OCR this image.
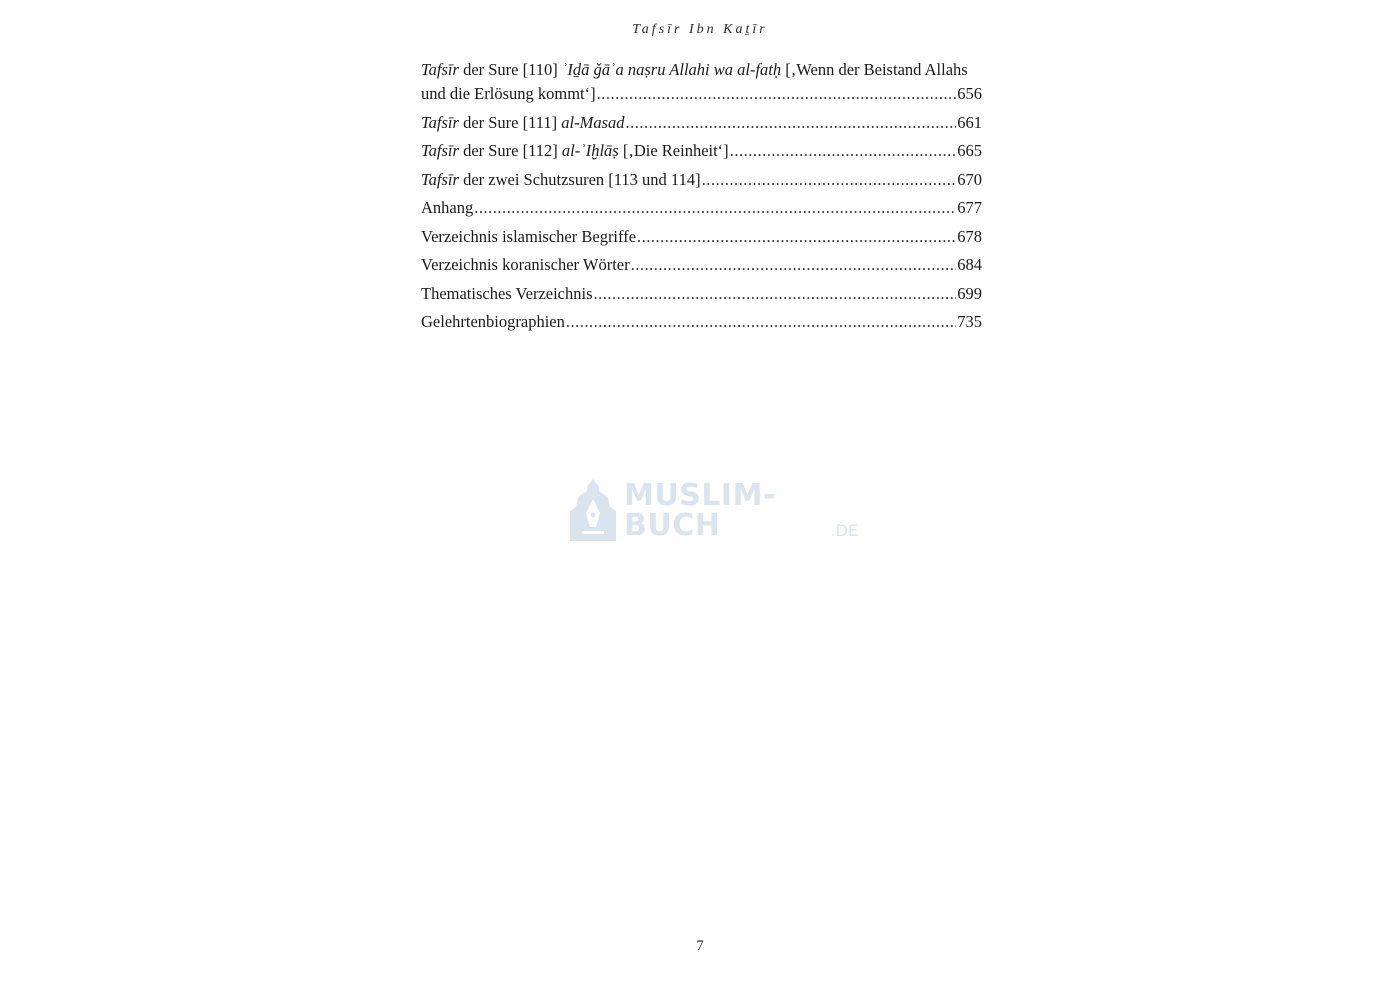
Tafsīr Ibn Kaṯīr
Tafsīr der Sure [110] ʾIḏā ǧāʾa naṣru Allahi wa al-fatḥ [‚Wenn der Beistand Allahs
und die Erlösung kommt‘] .....	656
Tafsīr der Sure [111] al-Masad .....	661
Tafsīr der Sure [112] al-ʾIḫlāṣ [‚Die Reinheit‘] .....	665
Tafsīr der zwei Schutzsuren [113 und 114] .....	670
Anhang .....	677
Verzeichnis islamischer Begriffe .....	678
Verzeichnis koranischer Wörter .....	684
Thematisches Verzeichnis .....	699
Gelehrtenbiographien .....	735
MUSLIM-BUCH	.DE
7
